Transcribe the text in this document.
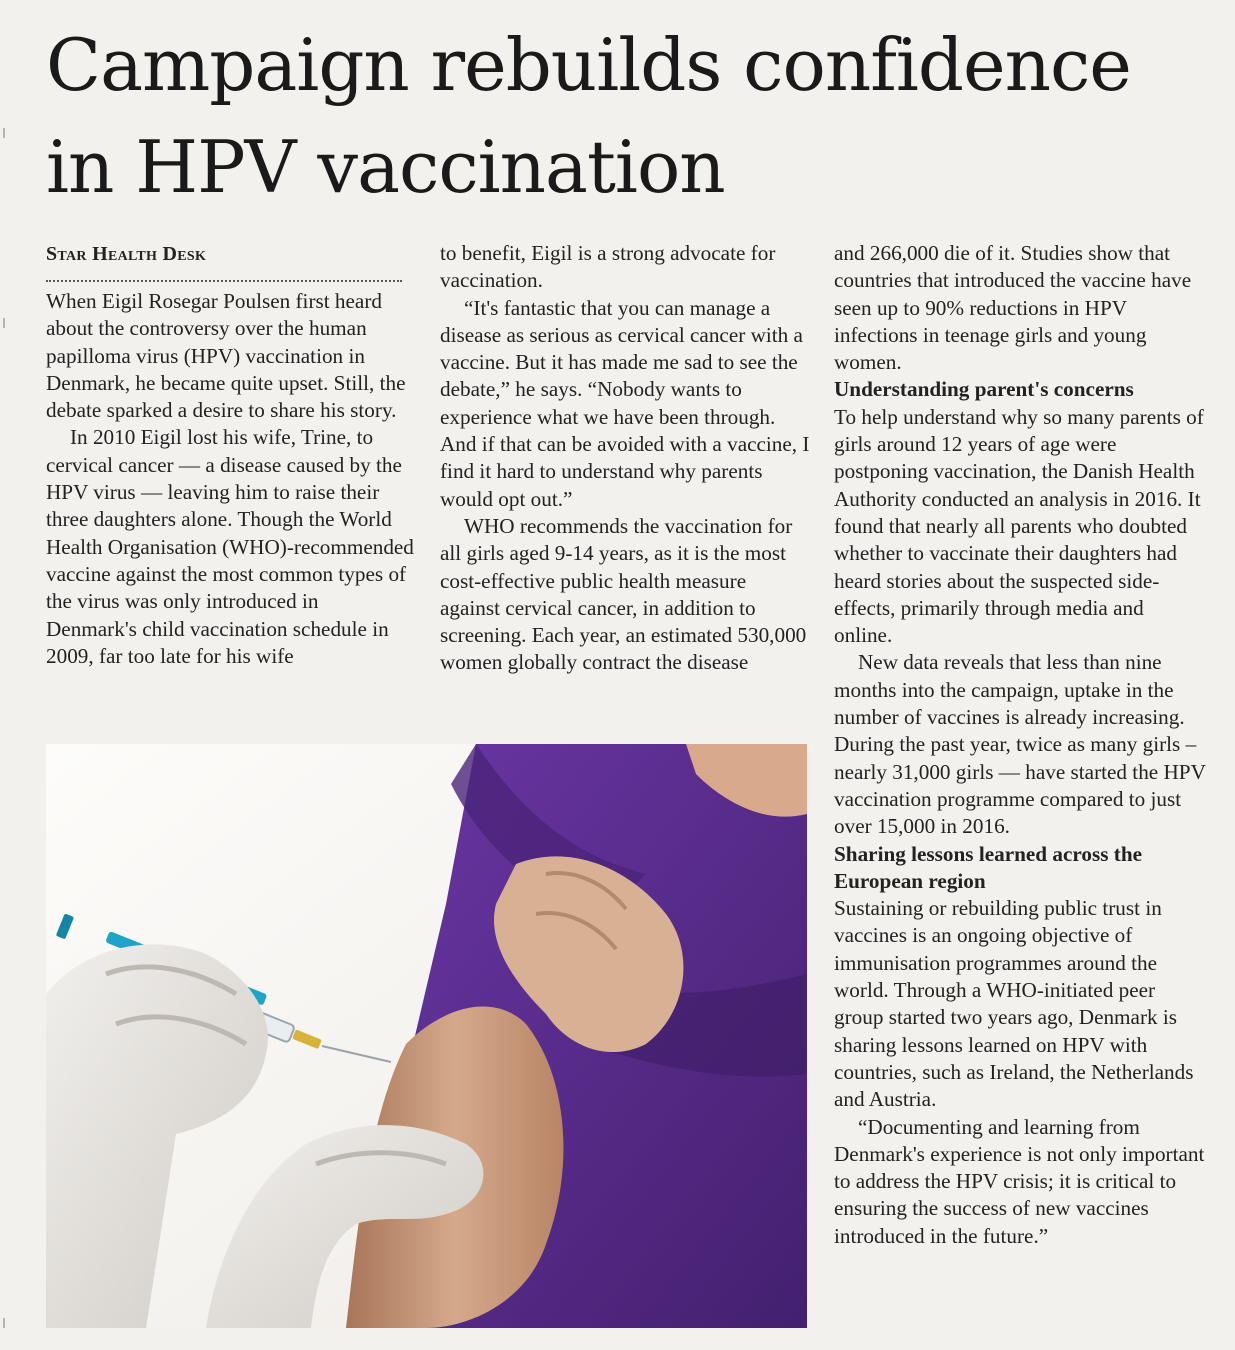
Campaign rebuilds confidence in HPV vaccination
Star Health Desk

When Eigil Rosegar Poulsen first heard about the controversy over the human papilloma virus (HPV) vaccination in Denmark, he became quite upset. Still, the debate sparked a desire to share his story.

In 2010 Eigil lost his wife, Trine, to cervical cancer — a disease caused by the HPV virus — leaving him to raise their three daughters alone. Though the World Health Organisation (WHO)-recommended vaccine against the most common types of the virus was only introduced in Denmark's child vaccination schedule in 2009, far too late for his wife

to benefit, Eigil is a strong advocate for vaccination.

“It's fantastic that you can manage a disease as serious as cervical cancer with a vaccine. But it has made me sad to see the debate,” he says. “Nobody wants to experience what we have been through. And if that can be avoided with a vaccine, I find it hard to understand why parents would opt out.”

WHO recommends the vaccination for all girls aged 9-14 years, as it is the most cost-effective public health measure against cervical cancer, in addition to screening. Each year, an estimated 530,000 women globally contract the disease

and 266,000 die of it. Studies show that countries that introduced the vaccine have seen up to 90% reductions in HPV infections in teenage girls and young women.

Understanding parent's concerns

To help understand why so many parents of girls around 12 years of age were postponing vaccination, the Danish Health Authority conducted an analysis in 2016. It found that nearly all parents who doubted whether to vaccinate their daughters had heard stories about the suspected side-effects, primarily through media and online.

New data reveals that less than nine months into the campaign, uptake in the number of vaccines is already increasing. During the past year, twice as many girls – nearly 31,000 girls — have started the HPV vaccination programme compared to just over 15,000 in 2016.

Sharing lessons learned across the European region

Sustaining or rebuilding public trust in vaccines is an ongoing objective of immunisation programmes around the world. Through a WHO-initiated peer group started two years ago, Denmark is sharing lessons learned on HPV with countries, such as Ireland, the Netherlands and Austria.

“Documenting and learning from Denmark's experience is not only important to address the HPV crisis; it is critical to ensuring the success of new vaccines introduced in the future.”
